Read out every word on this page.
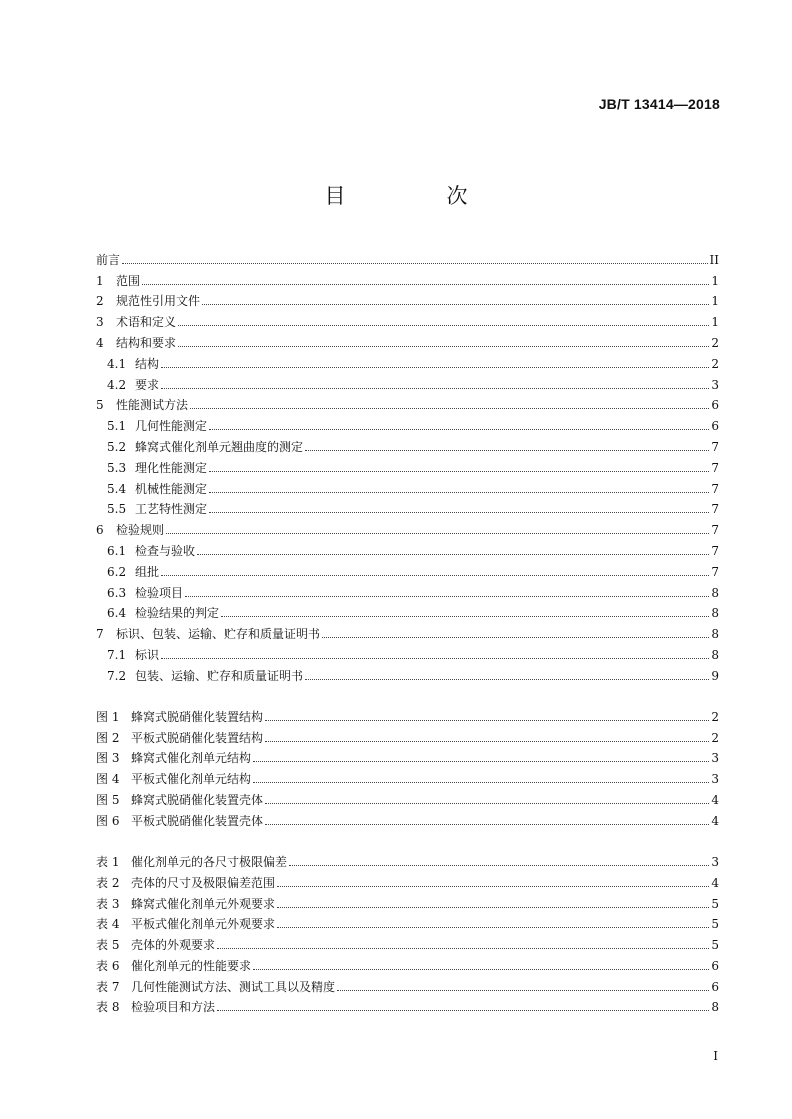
JB/T 13414—2018
目　次
前言	II
1	范围	1
2	规范性引用文件	1
3	术语和定义	1
4	结构和要求	2
4.1 结构	2
4.2 要求	3
5	性能测试方法	6
5.1 几何性能测定	6
5.2 蜂窝式催化剂单元翘曲度的测定	7
5.3 理化性能测定	7
5.4 机械性能测定	7
5.5 工艺特性测定	7
6	检验规则	7
6.1 检查与验收	7
6.2 组批	7
6.3 检验项目	8
6.4 检验结果的判定	8
7	标识、包装、运输、贮存和质量证明书	8
7.1 标识	8
7.2 包装、运输、贮存和质量证明书	9
图 1 蜂窝式脱硝催化装置结构	2
图 2 平板式脱硝催化装置结构	2
图 3 蜂窝式催化剂单元结构	3
图 4 平板式催化剂单元结构	3
图 5 蜂窝式脱硝催化装置壳体	4
图 6 平板式脱硝催化装置壳体	4
表 1 催化剂单元的各尺寸极限偏差	3
表 2 壳体的尺寸及极限偏差范围	4
表 3 蜂窝式催化剂单元外观要求	5
表 4 平板式催化剂单元外观要求	5
表 5 壳体的外观要求	5
表 6 催化剂单元的性能要求	6
表 7 几何性能测试方法、测试工具以及精度	6
表 8 检验项目和方法	8
I
